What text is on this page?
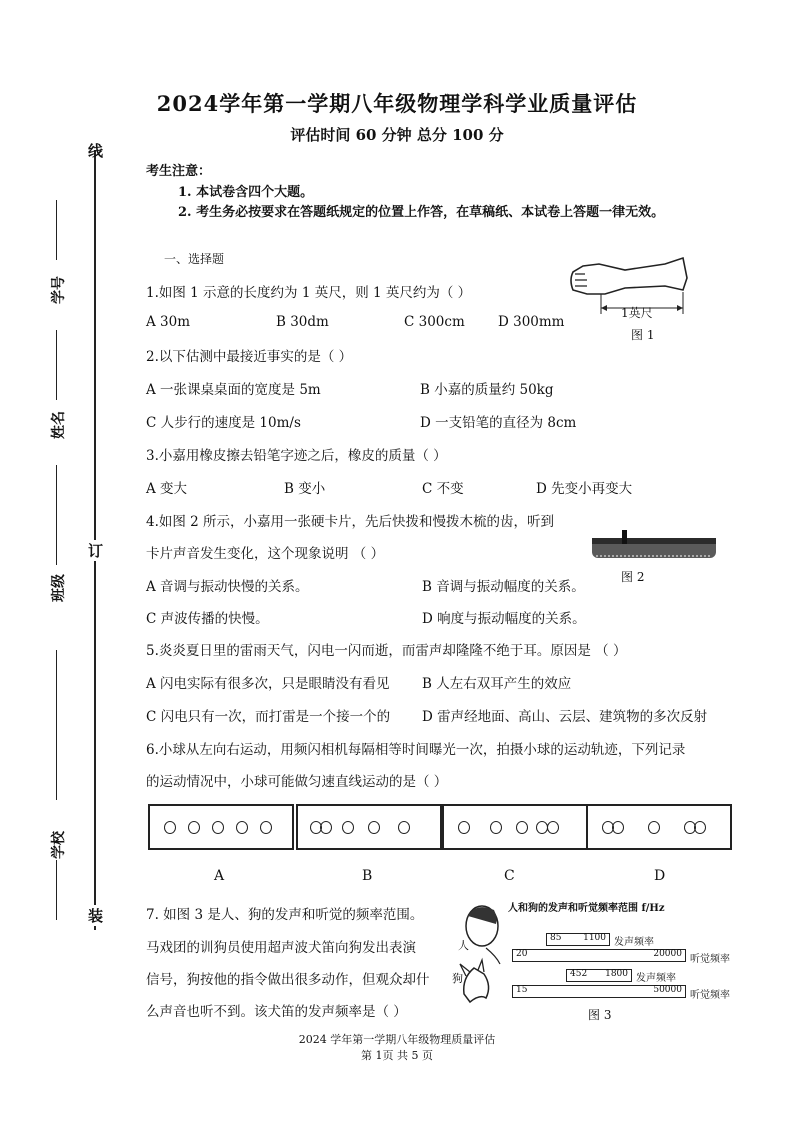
2024学年第一学期八年级物理学科学业质量评估
评估时间 60 分钟 总分 100 分
线
订
装
学号
姓名
班级
学校
考生注意：
1. 本试卷含四个大题。
2. 考生务必按要求在答题纸规定的位置上作答，在草稿纸、本试卷上答题一律无效。
一、选择题
1.如图 1 示意的长度约为 1 英尺，则 1 英尺约为（ ）
A 30m	B 30dm	C 300cm D 300mm
1英尺
图 1
2.以下估测中最接近事实的是（ ）
A 一张课桌桌面的宽度是 5m	B 小嘉的质量约 50kg
C 人步行的速度是 10m/s	D 一支铅笔的直径为 8cm
3.小嘉用橡皮擦去铅笔字迹之后，橡皮的质量（ ）
A 变大	B 变小	C 不变	D 先变小再变大
4.如图 2 所示，小嘉用一张硬卡片，先后快拨和慢拨木梳的齿，听到
卡片声音发生变化，这个现象说明 （ ）
A 音调与振动快慢的关系。	B 音调与振动幅度的关系。
C 声波传播的快慢。	D 响度与振动幅度的关系。
图 2
5.炎炎夏日里的雷雨天气，闪电一闪而逝，而雷声却隆隆不绝于耳。原因是 （ ）
A 闪电实际有很多次，只是眼睛没有看见 B 人左右双耳产生的效应
C 闪电只有一次，而打雷是一个接一个的 D 雷声经地面、高山、云层、建筑物的多次反射
6.小球从左向右运动，用频闪相机每隔相等时间曝光一次，拍摄小球的运动轨迹，下列记录
的运动情况中，小球可能做匀速直线运动的是（ ）
A	B	C	D
7. 如图 3 是人、狗的发声和听觉的频率范围。
马戏团的训狗员使用超声波犬笛向狗发出表演
信号，狗按他的指令做出很多动作，但观众却什
么声音也听不到。该犬笛的发声频率是（ ）
人和狗的发声和听觉频率范围 f/Hz
人
狗
85 1100 发声频率
20	20000 听觉频率
452 1800 发声频率
15	50000 听觉频率
图 3
2024 学年第一学期八年级物理质量评估
第 1页 共 5 页
